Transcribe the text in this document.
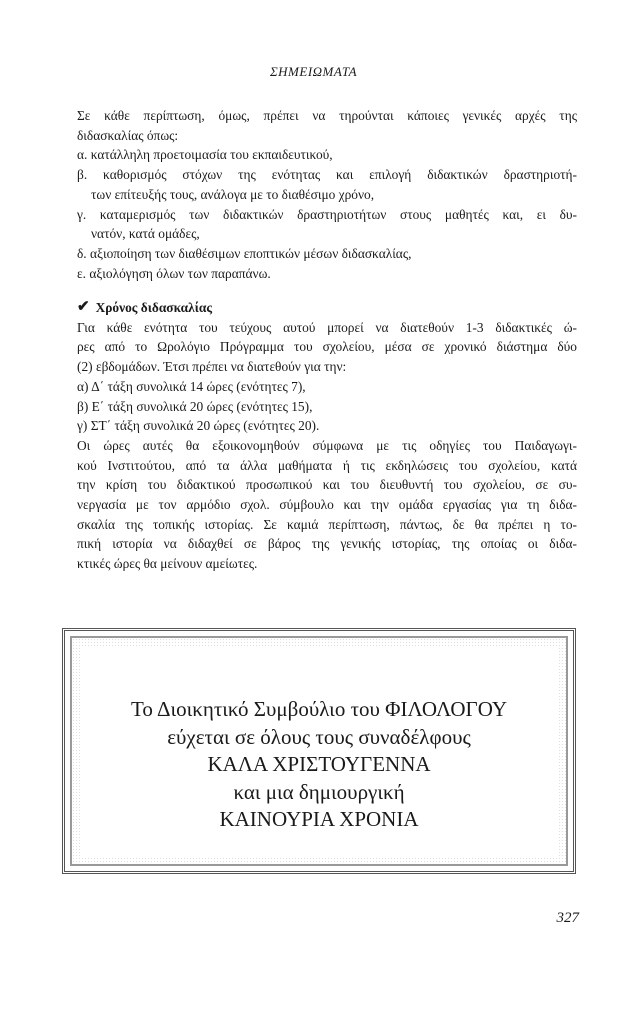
ΣΗΜΕΙΩΜΑΤΑ
Σε κάθε περίπτωση, όμως, πρέπει να τηρούνται κάποιες γενικές αρχές της
διδασκαλίας όπως:
α. κατάλληλη προετοιμασία του εκπαιδευτικού,
β. καθορισμός στόχων της ενότητας και επιλογή διδακτικών δραστηριοτή-
των επίτευξής τους, ανάλογα με το διαθέσιμο χρόνο,
γ. καταμερισμός των διδακτικών δραστηριοτήτων στους μαθητές και, ει δυ-
νατόν, κατά ομάδες,
δ. αξιοποίηση των διαθέσιμων εποπτικών μέσων διδασκαλίας,
ε. αξιολόγηση όλων των παραπάνω.
✔ Χρόνος διδασκαλίας
Για κάθε ενότητα του τεύχους αυτού μπορεί να διατεθούν 1-3 διδακτικές ώ-
ρες από το Ωρολόγιο Πρόγραμμα του σχολείου, μέσα σε χρονικό διάστημα δύο
(2) εβδομάδων. Έτσι πρέπει να διατεθούν για την:
α) Δ΄ τάξη συνολικά 14 ώρες (ενότητες 7),
β) Ε΄ τάξη συνολικά 20 ώρες (ενότητες 15),
γ) ΣΤ΄ τάξη συνολικά 20 ώρες (ενότητες 20).
Οι ώρες αυτές θα εξοικονομηθούν σύμφωνα με τις οδηγίες του Παιδαγωγι-
κού Ινστιτούτου, από τα άλλα μαθήματα ή τις εκδηλώσεις του σχολείου, κατά
την κρίση του διδακτικού προσωπικού και του διευθυντή του σχολείου, σε συ-
νεργασία με τον αρμόδιο σχολ. σύμβουλο και την ομάδα εργασίας για τη διδα-
σκαλία της τοπικής ιστορίας. Σε καμιά περίπτωση, πάντως, δε θα πρέπει η το-
πική ιστορία να διδαχθεί σε βάρος της γενικής ιστορίας, της οποίας οι διδα-
κτικές ώρες θα μείνουν αμείωτες.
Το Διοικητικό Συμβούλιο του ΦΙΛΟΛΟΓΟΥ
εύχεται σε όλους τους συναδέλφους
ΚΑΛΑ ΧΡΙΣΤΟΥΓΕΝΝΑ
και μια δημιουργική
ΚΑΙΝΟΥΡΙΑ ΧΡΟΝΙΑ
327
